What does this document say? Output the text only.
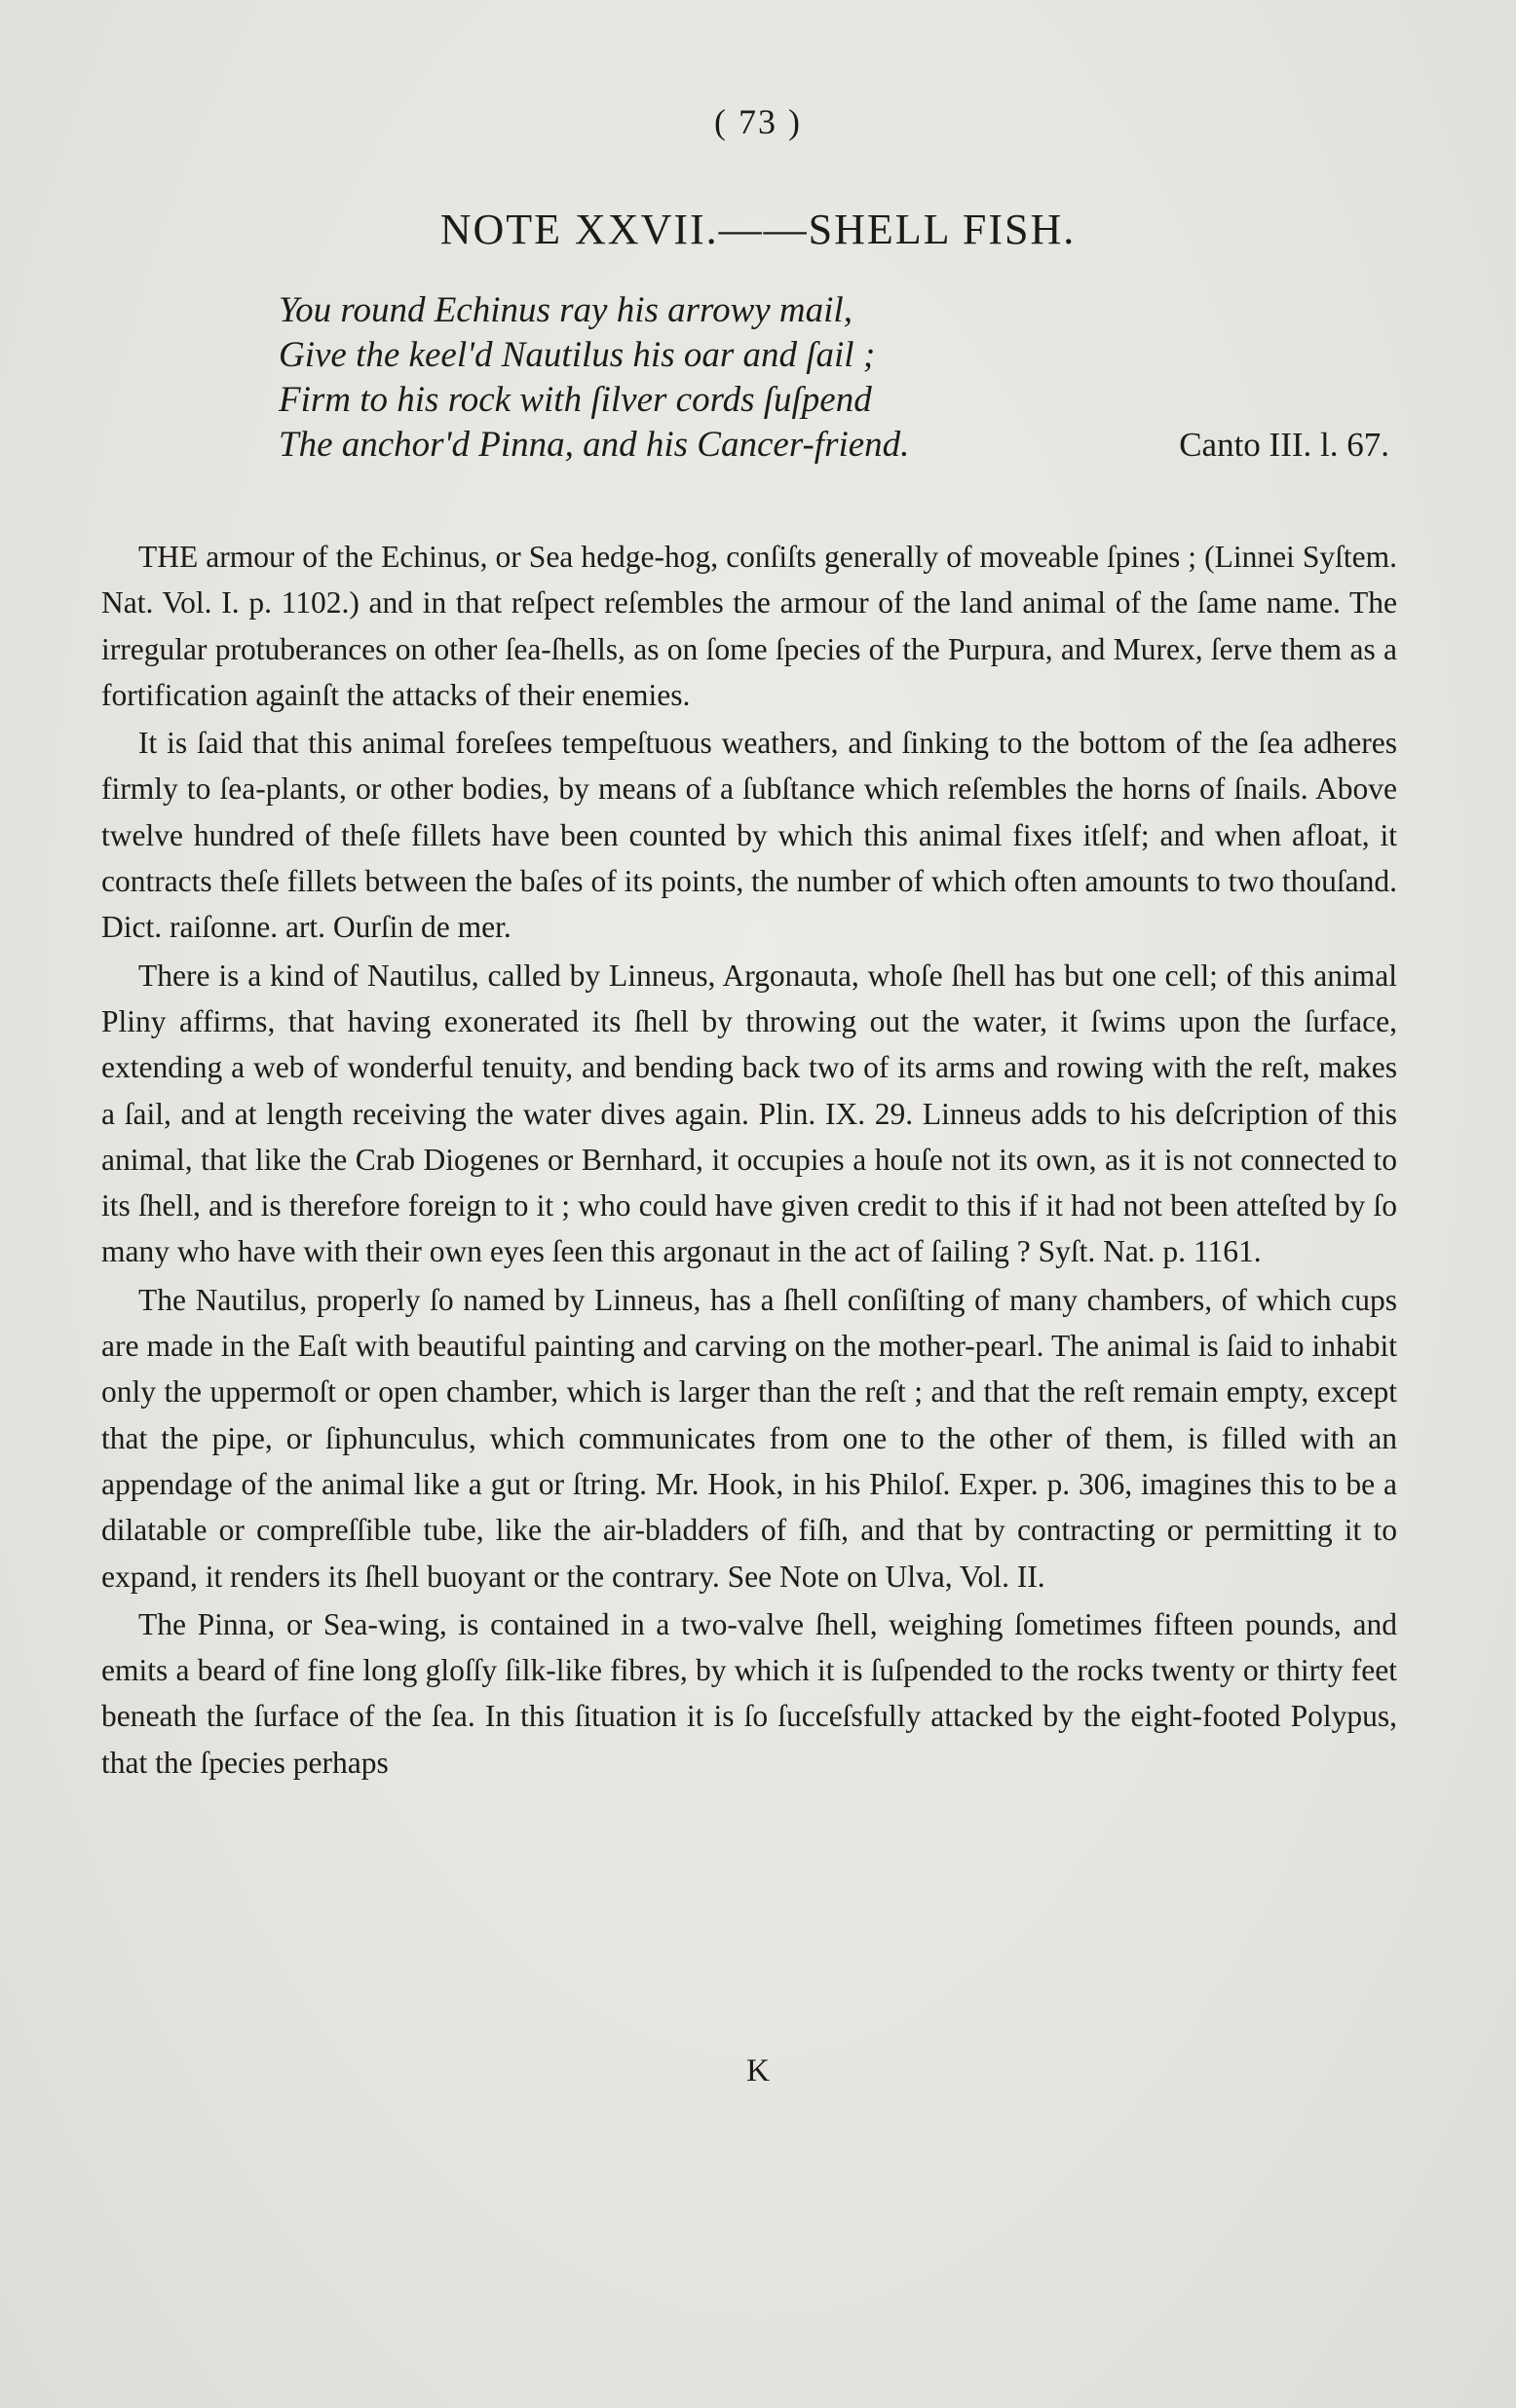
( 73 )
NOTE XXVII.——SHELL FISH.
You round Echinus ray his arrowy mail,
Give the keel'd Nautilus his oar and ſail ;
Firm to his rock with ſilver cords ſuſpend
The anchor'd Pinna, and his Cancer-friend.	Canto III. l. 67.

THE armour of the Echinus, or Sea hedge-hog, conſiſts generally of moveable ſpines ; (Linnei Syſtem. Nat. Vol. I. p. 1102.) and in that reſpect reſembles the armour of the land animal of the ſame name. The irregular protuberances on other ſea-ſhells, as on ſome ſpecies of the Purpura, and Murex, ſerve them as a fortification againſt the attacks of their enemies.

It is ſaid that this animal foreſees tempeſtuous weathers, and ſinking to the bottom of the ſea adheres firmly to ſea-plants, or other bodies, by means of a ſubſtance which reſembles the horns of ſnails. Above twelve hundred of theſe fillets have been counted by which this animal fixes itſelf; and when afloat, it contracts theſe fillets between the baſes of its points, the number of which often amounts to two thouſand. Dict. raiſonne. art. Ourſin de mer.

There is a kind of Nautilus, called by Linneus, Argonauta, whoſe ſhell has but one cell; of this animal Pliny affirms, that having exonerated its ſhell by throwing out the water, it ſwims upon the ſurface, extending a web of wonderful tenuity, and bending back two of its arms and rowing with the reſt, makes a ſail, and at length receiving the water dives again. Plin. IX. 29. Linneus adds to his deſcription of this animal, that like the Crab Diogenes or Bernhard, it occupies a houſe not its own, as it is not connected to its ſhell, and is therefore foreign to it ; who could have given credit to this if it had not been atteſted by ſo many who have with their own eyes ſeen this argonaut in the act of ſailing ? Syſt. Nat. p. 1161.

The Nautilus, properly ſo named by Linneus, has a ſhell conſiſting of many chambers, of which cups are made in the Eaſt with beautiful painting and carving on the mother-pearl. The animal is ſaid to inhabit only the uppermoſt or open chamber, which is larger than the reſt ; and that the reſt remain empty, except that the pipe, or ſiphunculus, which communicates from one to the other of them, is filled with an appendage of the animal like a gut or ſtring. Mr. Hook, in his Philoſ. Exper. p. 306, imagines this to be a dilatable or compreſſible tube, like the air-bladders of fiſh, and that by contracting or permitting it to expand, it renders its ſhell buoyant or the contrary. See Note on Ulva, Vol. II.

The Pinna, or Sea-wing, is contained in a two-valve ſhell, weighing ſometimes fifteen pounds, and emits a beard of fine long gloſſy ſilk-like fibres, by which it is ſuſpended to the rocks twenty or thirty feet beneath the ſurface of the ſea. In this ſituation it is ſo ſucceſsfully attacked by the eight-footed Polypus, that the ſpecies perhaps

K
